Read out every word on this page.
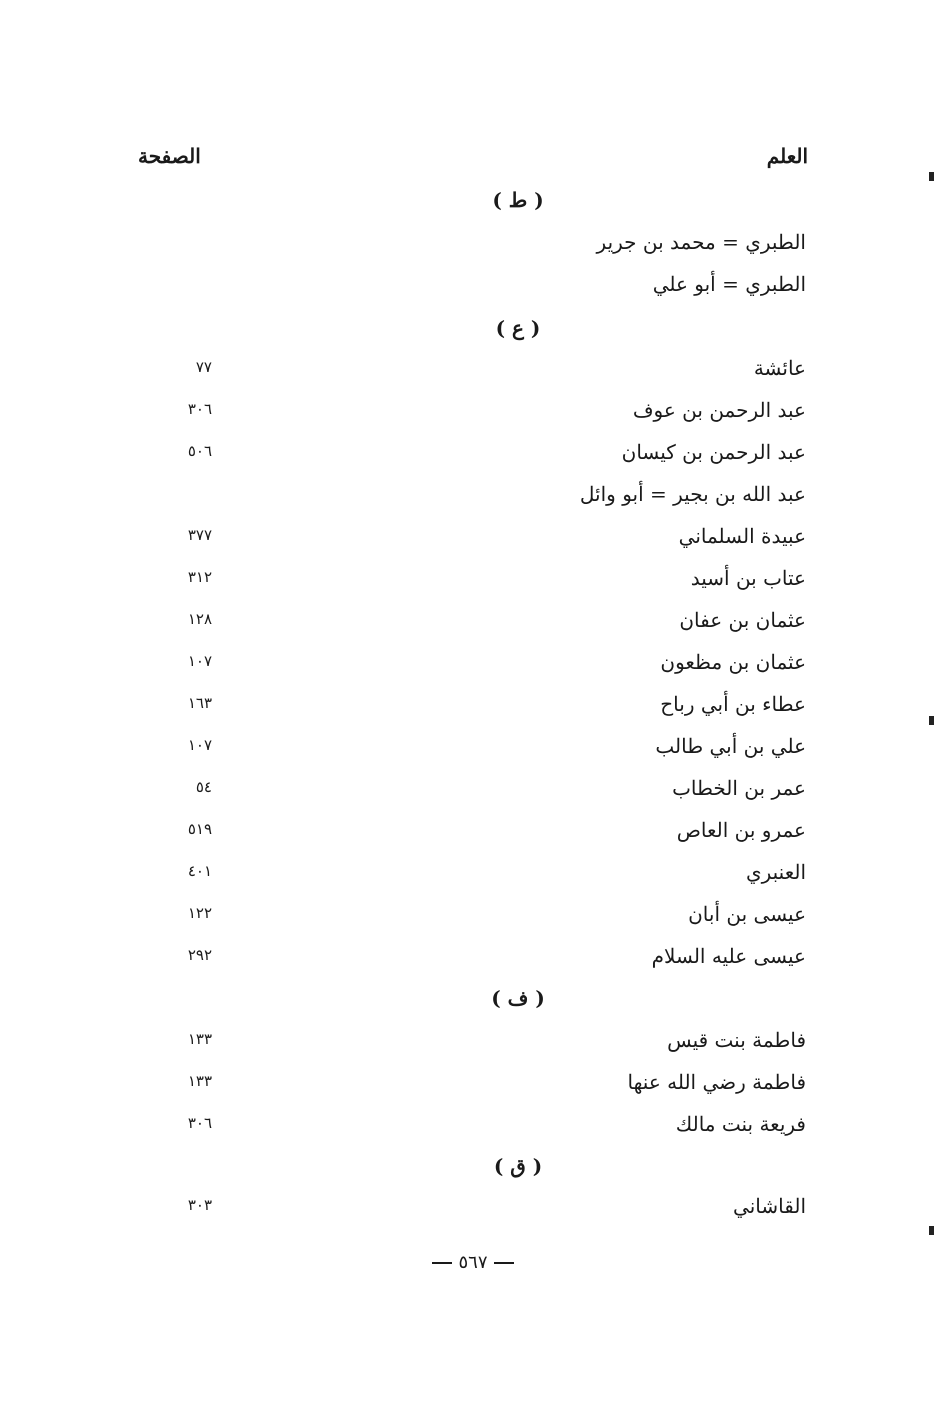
العلم
الصفحة
( ط )
الطبري = محمد بن جرير
الطبري = أبو علي
( ع )
عائشة
٧٧
عبد الرحمن بن عوف
٣٠٦
عبد الرحمن بن كيسان
٥٠٦
عبد الله بن بجير = أبو وائل
عبيدة السلماني
٣٧٧
عتاب بن أسيد
٣١٢
عثمان بن عفان
١٢٨
عثمان بن مظعون
١٠٧
عطاء بن أبي رباح
١٦٣
علي بن أبي طالب
١٠٧
عمر بن الخطاب
٥٤
عمرو بن العاص
٥١٩
العنبري
٤٠١
عيسى بن أبان
١٢٢
عيسى عليه السلام
٢٩٢
( ف )
فاطمة بنت قيس
١٣٣
فاطمة رضي الله عنها
١٣٣
فريعة بنت مالك
٣٠٦
( ق )
القاشاني
٣٠٣
٥٦٧
